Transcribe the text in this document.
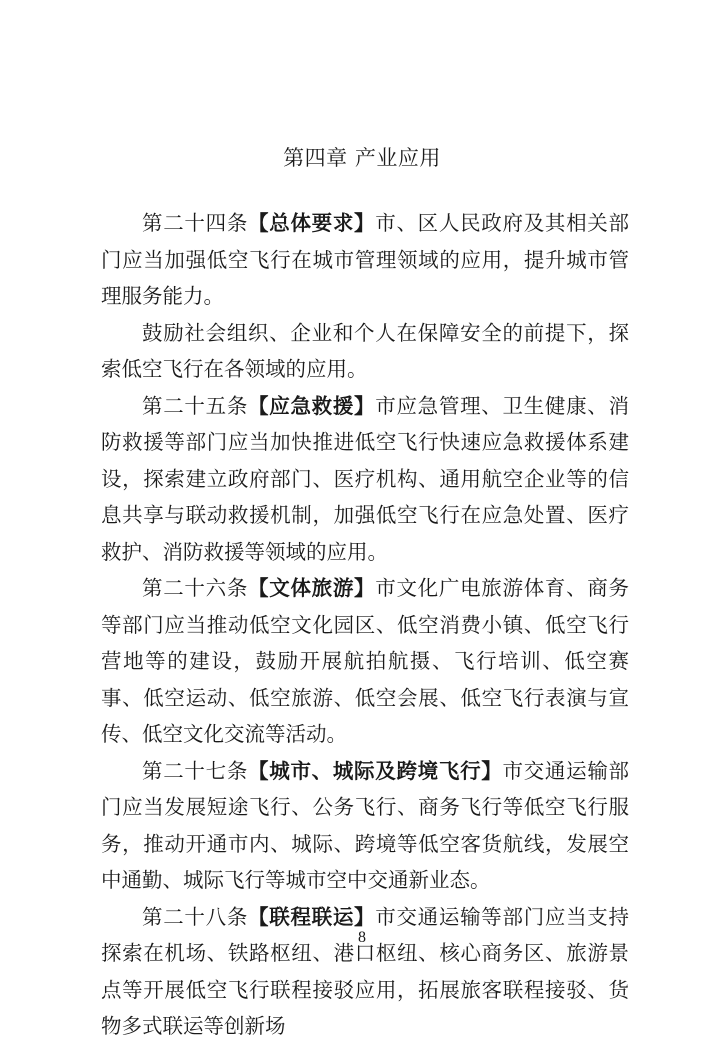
第四章 产业应用

第二十四条【总体要求】市、区人民政府及其相关部门应当加强低空飞行在城市管理领域的应用，提升城市管理服务能力。

鼓励社会组织、企业和个人在保障安全的前提下，探索低空飞行在各领域的应用。

第二十五条【应急救援】市应急管理、卫生健康、消防救援等部门应当加快推进低空飞行快速应急救援体系建设，探索建立政府部门、医疗机构、通用航空企业等的信息共享与联动救援机制，加强低空飞行在应急处置、医疗救护、消防救援等领域的应用。

第二十六条【文体旅游】市文化广电旅游体育、商务等部门应当推动低空文化园区、低空消费小镇、低空飞行营地等的建设，鼓励开展航拍航摄、飞行培训、低空赛事、低空运动、低空旅游、低空会展、低空飞行表演与宣传、低空文化交流等活动。

第二十七条【城市、城际及跨境飞行】市交通运输部门应当发展短途飞行、公务飞行、商务飞行等低空飞行服务，推动开通市内、城际、跨境等低空客货航线，发展空中通勤、城际飞行等城市空中交通新业态。

第二十八条【联程联运】市交通运输等部门应当支持探索在机场、铁路枢纽、港口枢纽、核心商务区、旅游景点等开展低空飞行联程接驳应用，拓展旅客联程接驳、货物多式联运等创新场

8
